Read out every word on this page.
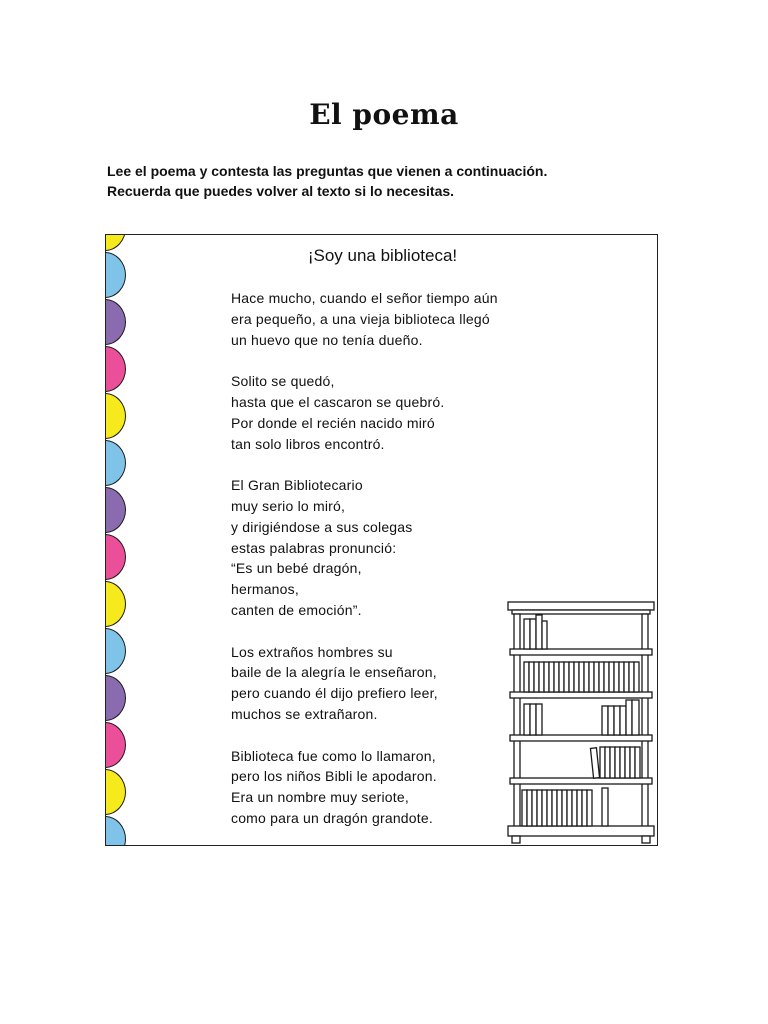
El poema
Lee el poema y contesta las preguntas que vienen a continuación.
Recuerda que puedes volver al texto si lo necesitas.
¡Soy una biblioteca!
Hace mucho, cuando el señor tiempo aún
era pequeño, a una vieja biblioteca llegó
un huevo que no tenía dueño.
Solito se quedó,
hasta que el cascaron se quebró.
Por donde el recién nacido miró
tan solo libros encontró.
El Gran Bibliotecario
muy serio lo miró,
y dirigiéndose a sus colegas
estas palabras pronunció:
“Es un bebé dragón,
hermanos,
canten de emoción”.
Los extraños hombres su
baile de la alegría le enseñaron,
pero cuando él dijo prefiero leer,
muchos se extrañaron.
Biblioteca fue como lo llamaron,
pero los niños Bibli le apodaron.
Era un nombre muy seriote,
como para un dragón grandote.
